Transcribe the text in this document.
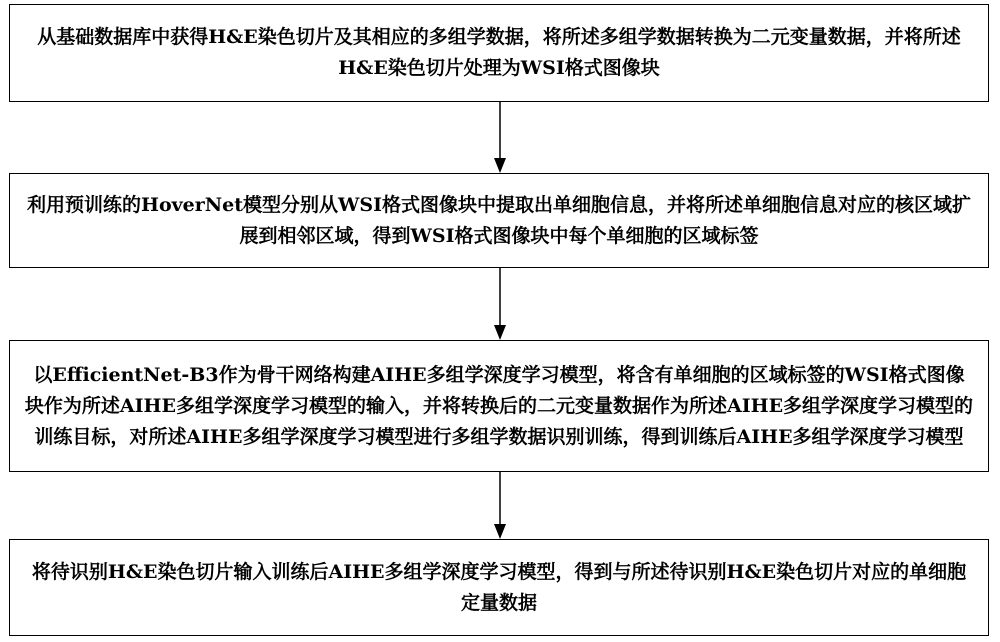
从基础数据库中获得H&E染色切片及其相应的多组学数据，将所述多组学数据转换为二元变量数据，并将所述H&E染色切片处理为WSI格式图像块
利用预训练的HoverNet模型分别从WSI格式图像块中提取出单细胞信息，并将所述单细胞信息对应的核区域扩展到相邻区域，得到WSI格式图像块中每个单细胞的区域标签
以EfficientNet-B3作为骨干网络构建AIHE多组学深度学习模型，将含有单细胞的区域标签的WSI格式图像块作为所述AIHE多组学深度学习模型的输入，并将转换后的二元变量数据作为所述AIHE多组学深度学习模型的训练目标，对所述AIHE多组学深度学习模型进行多组学数据识别训练，得到训练后AIHE多组学深度学习模型
将待识别H&E染色切片输入训练后AIHE多组学深度学习模型，得到与所述待识别H&E染色切片对应的单细胞定量数据
